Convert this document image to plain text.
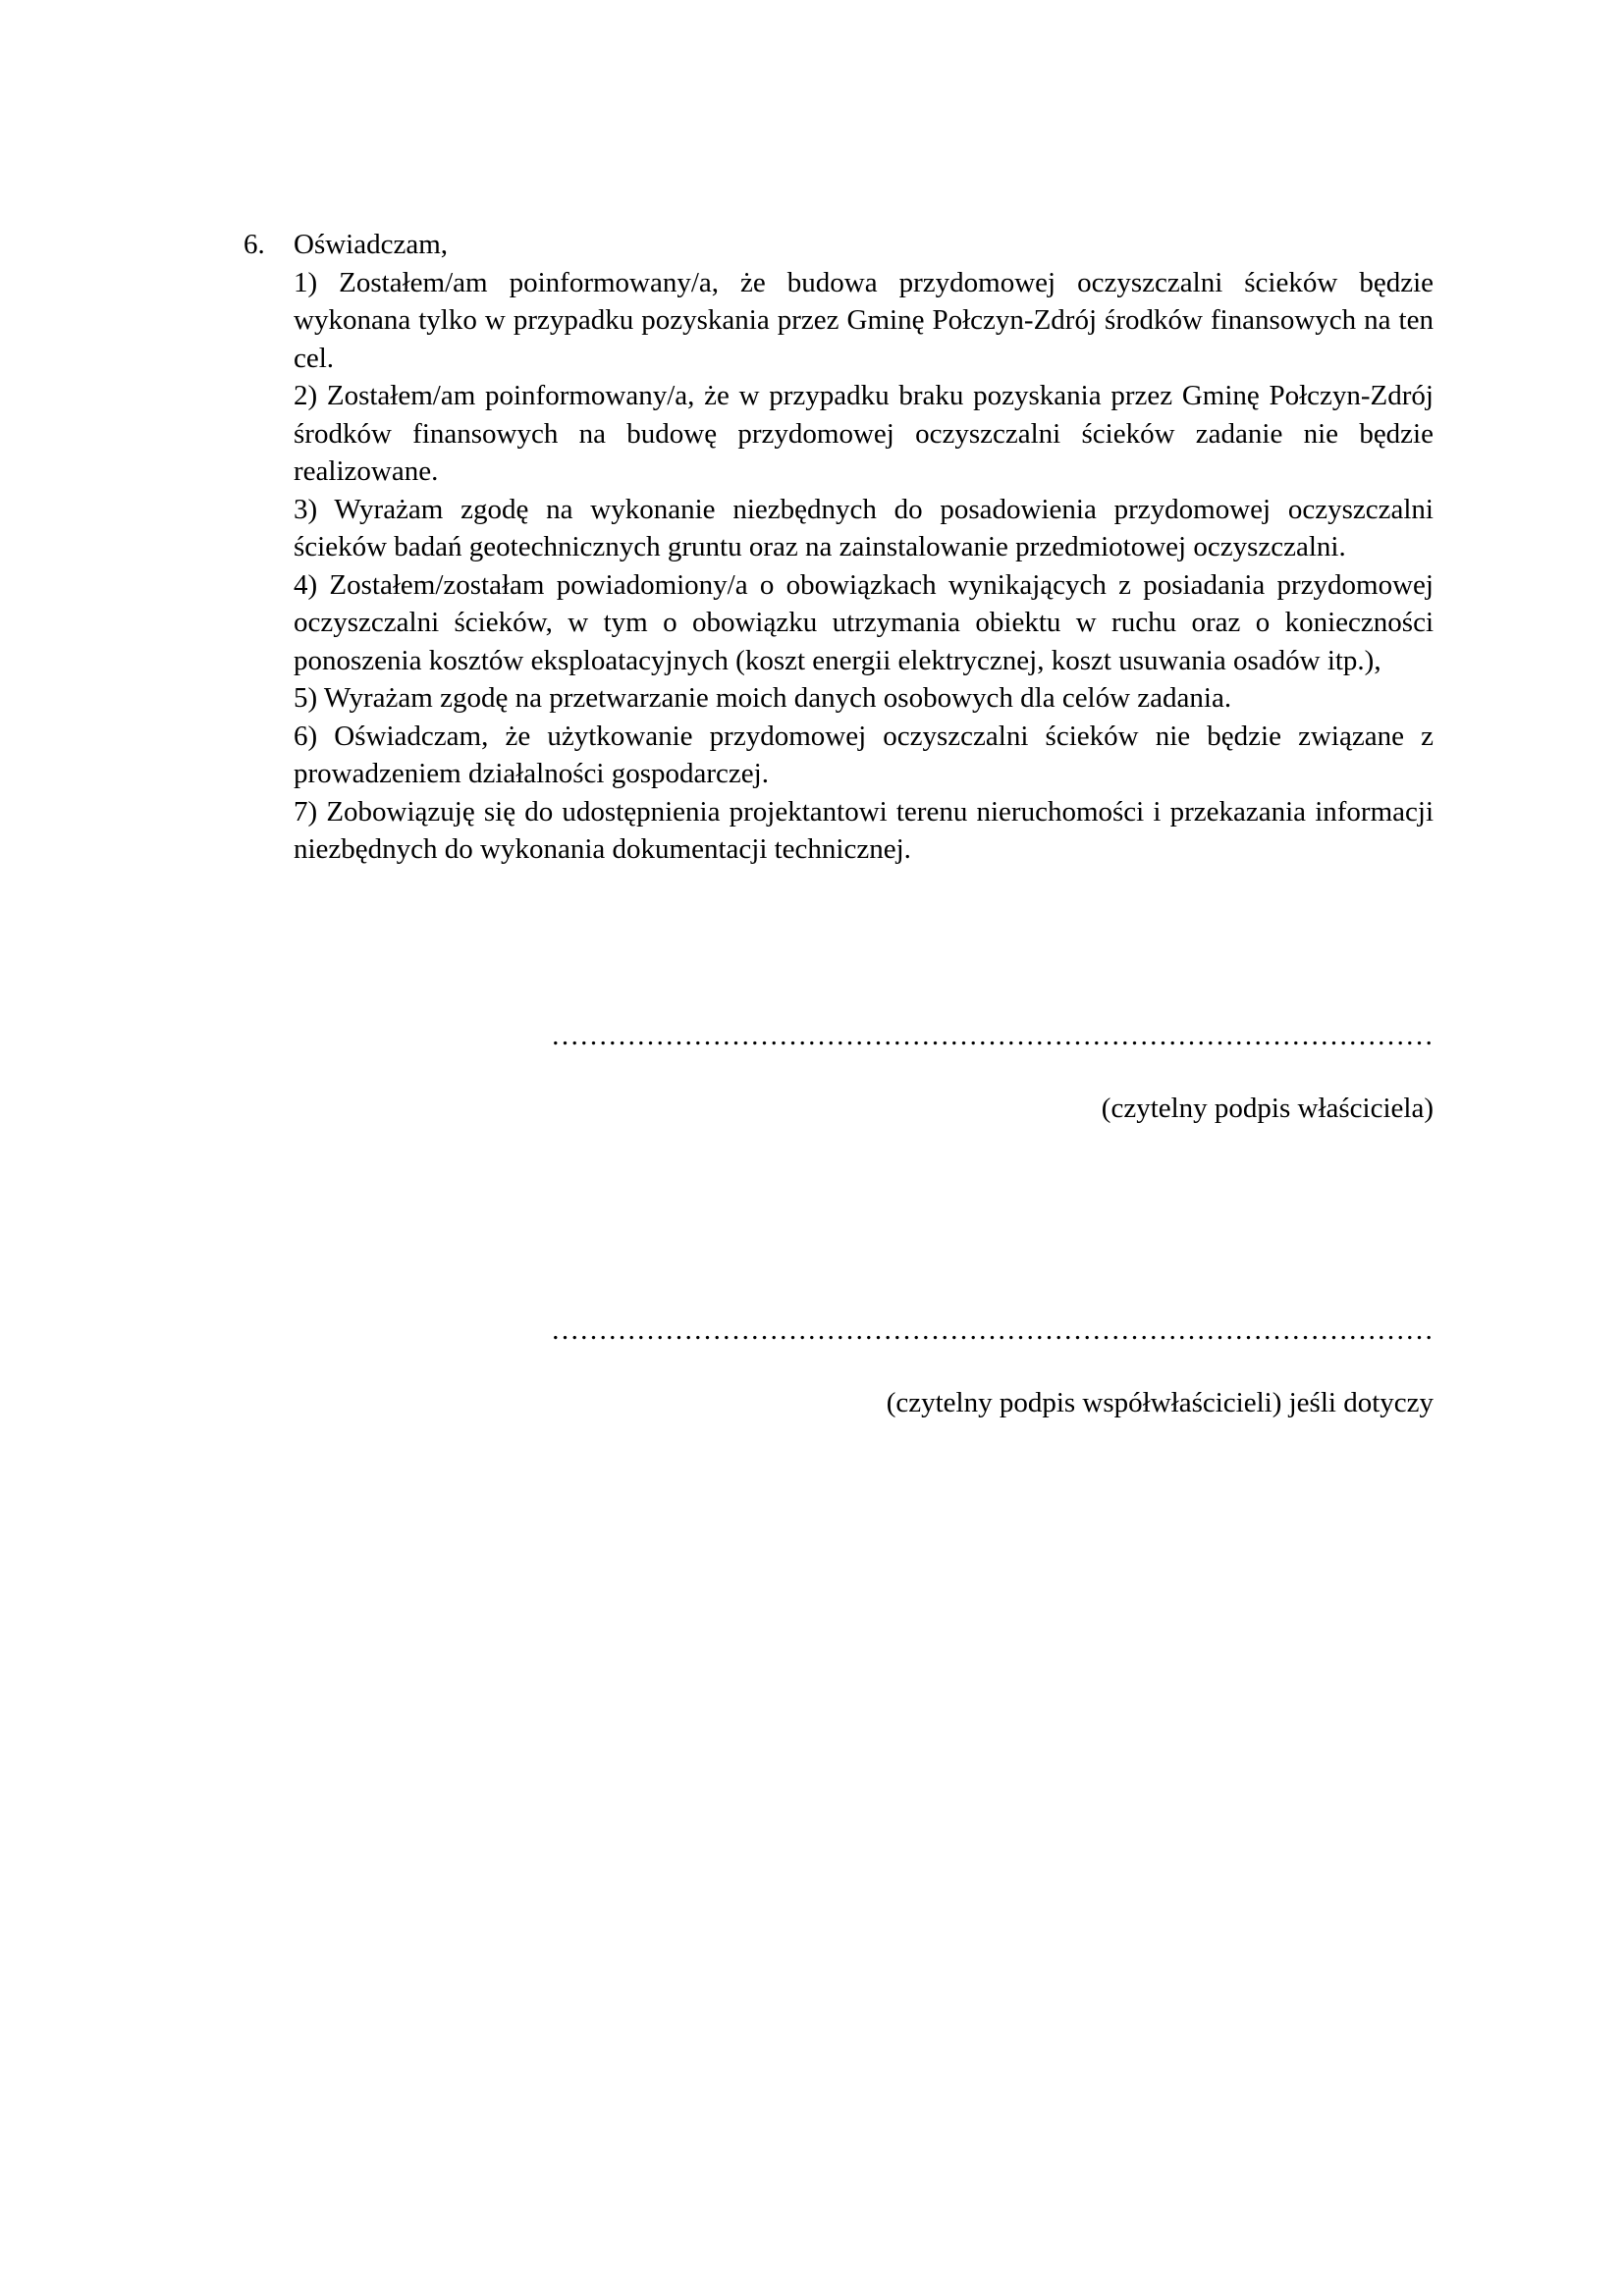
6.	Oświadczam,
1) Zostałem/am poinformowany/a, że budowa przydomowej oczyszczalni ścieków będzie wykonana tylko w przypadku pozyskania przez Gminę Połczyn-Zdrój środków finansowych na ten cel.
2) Zostałem/am poinformowany/a, że w przypadku braku pozyskania przez Gminę Połczyn-Zdrój środków finansowych na budowę przydomowej oczyszczalni ścieków zadanie nie będzie realizowane.
3) Wyrażam zgodę na wykonanie niezbędnych do posadowienia przydomowej oczyszczalni ścieków badań geotechnicznych gruntu oraz na zainstalowanie przedmiotowej oczyszczalni.
4) Zostałem/zostałam powiadomiony/a o obowiązkach wynikających z posiadania przydomowej oczyszczalni ścieków, w tym o obowiązku utrzymania obiektu w ruchu oraz o konieczności ponoszenia kosztów eksploatacyjnych (koszt energii elektrycznej, koszt usuwania osadów itp.),
5) Wyrażam zgodę na przetwarzanie moich danych osobowych dla celów zadania.
6) Oświadczam, że użytkowanie przydomowej oczyszczalni ścieków nie będzie związane z prowadzeniem działalności gospodarczej.
7) Zobowiązuję się do udostępnienia projektantowi terenu nieruchomości i przekazania informacji niezbędnych do wykonania dokumentacji technicznej.
…………………………………………………………………………………
(czytelny podpis właściciela)
…………………………………………………………………………………
(czytelny podpis współwłaścicieli) jeśli dotyczy
